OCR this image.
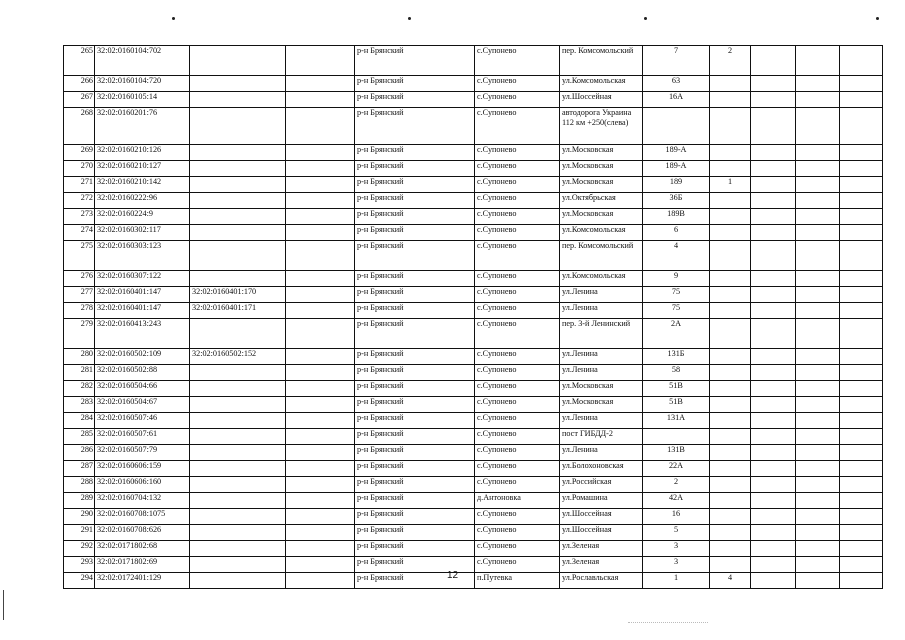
265	32:02:0160104:702			р-н Брянский	с.Супонево	пер. Комсомольский	7	2			
266	32:02:0160104:720			р-н Брянский	с.Супонево	ул.Комсомольская	63				
267	32:02:0160105:14			р-н Брянский	с.Супонево	ул.Шоссейная	16А				
268	32:02:0160201:76			р-н Брянский	с.Супонево	автодорога Украина 112 км +250(слева)					
269	32:02:0160210:126			р-н Брянский	с.Супонево	ул.Московская	189-А				
270	32:02:0160210:127			р-н Брянский	с.Супонево	ул.Московская	189-А				
271	32:02:0160210:142			р-н Брянский	с.Супонево	ул.Московская	189	1			
272	32:02:0160222:96			р-н Брянский	с.Супонево	ул.Октябрьская	36Б				
273	32:02:0160224:9			р-н Брянский	с.Супонево	ул.Московская	189В				
274	32:02:0160302:117			р-н Брянский	с.Супонево	ул.Комсомольская	6				
275	32:02:0160303:123			р-н Брянский	с.Супонево	пер. Комсомольский	4				
276	32:02:0160307:122			р-н Брянский	с.Супонево	ул.Комсомольская	9				
277	32:02:0160401:147	32:02:0160401:170		р-н Брянский	с.Супонево	ул.Ленина	75				
278	32:02:0160401:147	32:02:0160401:171		р-н Брянский	с.Супонево	ул.Ленина	75				
279	32:02:0160413:243			р-н Брянский	с.Супонево	пер. 3-й Ленинский	2А				
280	32:02:0160502:109	32:02:0160502:152		р-н Брянский	с.Супонево	ул.Ленина	131Б				
281	32:02:0160502:88			р-н Брянский	с.Супонево	ул.Ленина	58				
282	32:02:0160504:66			р-н Брянский	с.Супонево	ул.Московская	51В				
283	32:02:0160504:67			р-н Брянский	с.Супонево	ул.Московская	51В				
284	32:02:0160507:46			р-н Брянский	с.Супонево	ул.Ленина	131А				
285	32:02:0160507:61			р-н Брянский	с.Супонево	пост ГИБДД-2					
286	32:02:0160507:79			р-н Брянский	с.Супонево	ул.Ленина	131В				
287	32:02:0160606:159			р-н Брянский	с.Супонево	ул.Болохоновская	22А				
288	32:02:0160606:160			р-н Брянский	с.Супонево	ул.Российская	2				
289	32:02:0160704:132			р-н Брянский	д.Антоновка	ул.Ромашина	42А				
290	32:02:0160708:1075			р-н Брянский	с.Супонево	ул.Шоссейная	16				
291	32:02:0160708:626			р-н Брянский	с.Супонево	ул.Шоссейная	5				
292	32:02:0171802:68			р-н Брянский	с.Супонево	ул.Зеленая	3				
293	32:02:0171802:69			р-н Брянский	с.Супонево	ул.Зеленая	3				
294	32:02:0172401:129			р-н Брянский	п.Путевка	ул.Рославльская	1	4			
12
